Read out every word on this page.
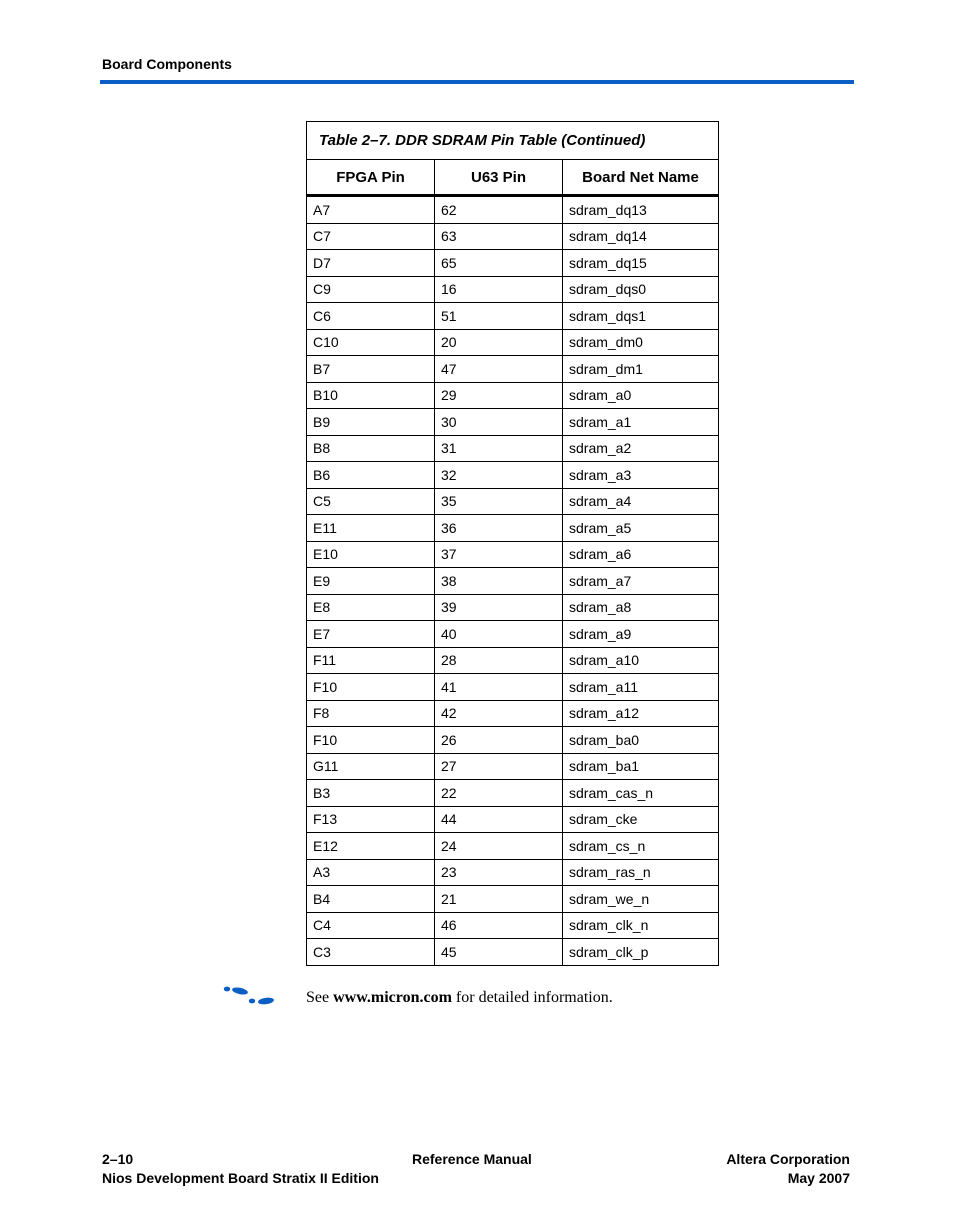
Board Components
Table 2–7. DDR SDRAM Pin Table (Continued)		
FPGA Pin	U63 Pin	Board Net Name
A7	62	sdram_dq13
C7	63	sdram_dq14
D7	65	sdram_dq15
C9	16	sdram_dqs0
C6	51	sdram_dqs1
C10	20	sdram_dm0
B7	47	sdram_dm1
B10	29	sdram_a0
B9	30	sdram_a1
B8	31	sdram_a2
B6	32	sdram_a3
C5	35	sdram_a4
E11	36	sdram_a5
E10	37	sdram_a6
E9	38	sdram_a7
E8	39	sdram_a8
E7	40	sdram_a9
F11	28	sdram_a10
F10	41	sdram_a11
F8	42	sdram_a12
F10	26	sdram_ba0
G11	27	sdram_ba1
B3	22	sdram_cas_n
F13	44	sdram_cke
E12	24	sdram_cs_n
A3	23	sdram_ras_n
B4	21	sdram_we_n
C4	46	sdram_clk_n
C3	45	sdram_clk_p
See www.micron.com for detailed information.
2–10	Reference Manual	Altera Corporation
Nios Development Board Stratix II Edition	May 2007
